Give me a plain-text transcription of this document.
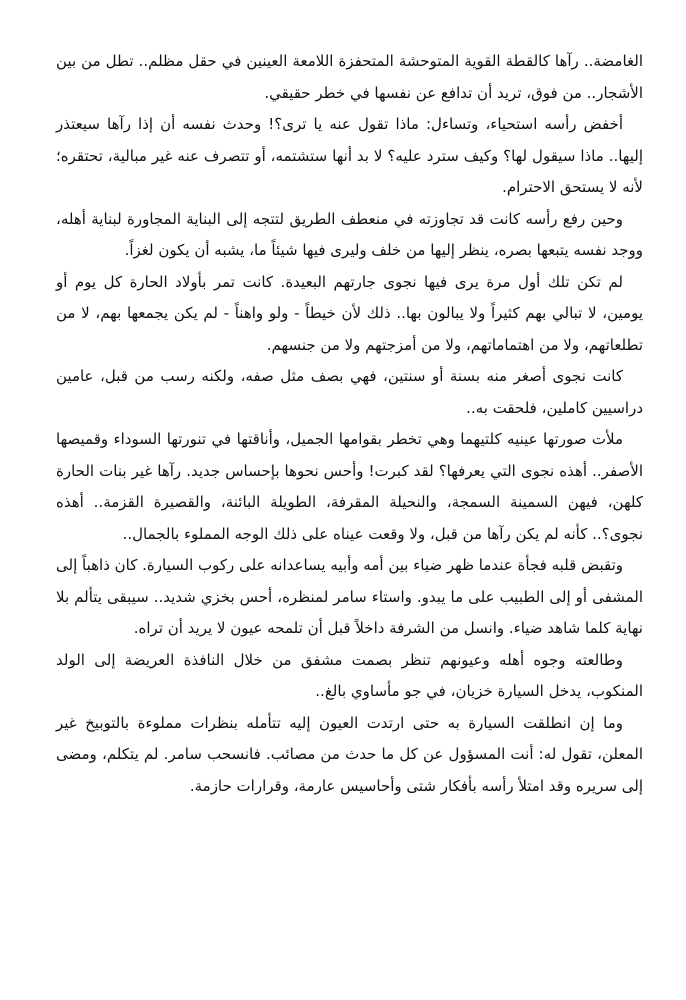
الغامضة.. رآها كالقطة القوية المتوحشة المتحفزة اللامعة العينين في حقل مظلم.. تطل من بين الأشجار.. من فوق، تريد أن تدافع عن نفسها في خطر حقيقي.

أخفض رأسه استحياء، وتساءل: ماذا تقول عنه يا ترى؟! وحدث نفسه أن إذا رآها سيعتذر إليها.. ماذا سيقول لها؟ وكيف سترد عليه؟ لا بد أنها ستشتمه، أو تتصرف عنه غير مبالية، تحتقره؛ لأنه لا يستحق الاحترام.

وحين رفع رأسه كانت قد تجاوزته في منعطف الطريق لتتجه إلى البناية المجاورة لبناية أهله، ووجد نفسه يتبعها بصره، ينظر إليها من خلف وليرى فيها شيئاً ما، يشبه أن يكون لغزاً.

لم تكن تلك أول مرة يرى فيها نجوى جارتهم البعيدة. كانت تمر بأولاد الحارة كل يوم أو يومين، لا تبالي بهم كثيراً ولا يبالون بها.. ذلك لأن خيطاً - ولو واهناً - لم يكن يجمعها بهم، لا من تطلعاتهم، ولا من اهتماماتهم، ولا من أمزجتهم ولا من جنسهم.

كانت نجوى أصغر منه بسنة أو سنتين، فهي بصف مثل صفه، ولكنه رسب من قبل، عامين دراسيين كاملين، فلحقت به..

ملأت صورتها عينيه كلتيهما وهي تخطر بقوامها الجميل، وأناقتها في تنورتها السوداء وقميصها الأصفر.. أهذه نجوى التي يعرفها؟ لقد كبرت! وأحس نحوها بإحساس جديد. رآها غير بنات الحارة كلهن، فيهن السمينة السمجة، والنحيلة المقرفة، الطويلة البائنة، والقصيرة القزمة.. أهذه نجوى؟.. كأنه لم يكن رآها من قبل، ولا وقعت عيناه على ذلك الوجه المملوء بالجمال..

وتقبض قلبه فجأة عندما ظهر ضياء بين أمه وأبيه يساعدانه على ركوب السيارة. كان ذاهباً إلى المشفى أو إلى الطبيب على ما يبدو. واستاء سامر لمنظره، أحس بخزي شديد.. سيبقى يتألم بلا نهاية كلما شاهد ضياء. وانسل من الشرفة داخلاً قبل أن تلمحه عيون لا يريد أن تراه.

وطالعته وجوه أهله وعيونهم تنظر بصمت مشفق من خلال النافذة العريضة إلى الولد المنكوب، يدخل السيارة خزيان، في جو مأساوي بالغ..

وما إن انطلقت السيارة به حتى ارتدت العيون إليه تتأمله بنظرات مملوءة بالتوبيخ غير المعلن، تقول له: أنت المسؤول عن كل ما حدث من مصائب. فانسحب سامر. لم يتكلم، ومضى إلى سريره وقد امتلأ رأسه بأفكار شتى وأحاسيس عارمة، وقرارات حازمة.
